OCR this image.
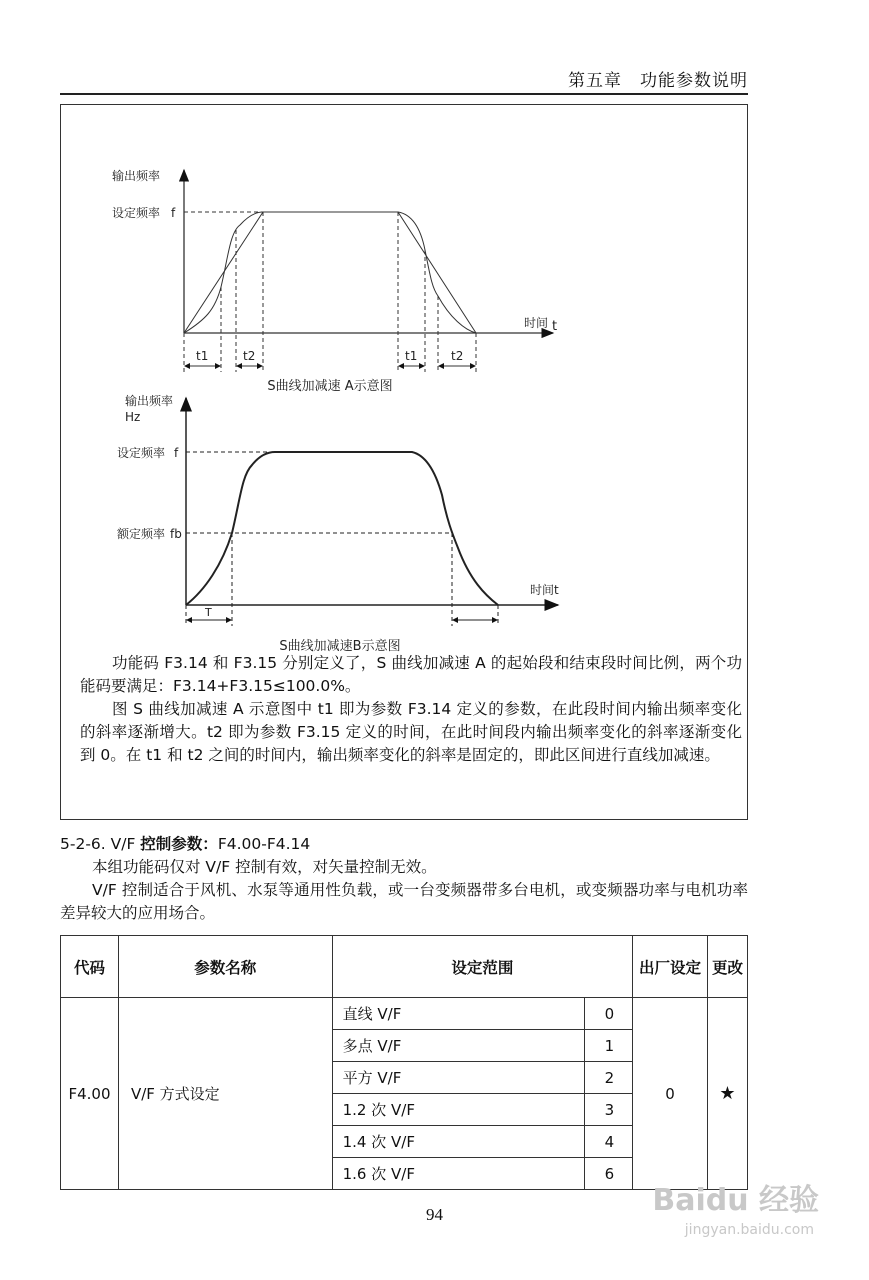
第五章　功能参数说明
输出频率
设定频率 f
时间 t
t1	t2	t1	t2
S曲线加减速 A示意图
输出频率
Hz
设定频率 f
额定频率 fb
时间t
T
S曲线加减速B示意图

功能码 F3.14 和 F3.15 分别定义了，S 曲线加减速 A 的起始段和结束段时间比例，两个功能码要满足：F3.14+F3.15≤100.0%。

图 S 曲线加减速 A 示意图中 t1 即为参数 F3.14 定义的参数，在此段时间内输出频率变化的斜率逐渐增大。t2 即为参数 F3.15 定义的时间，在此时间段内输出频率变化的斜率逐渐变化到 0。在 t1 和 t2 之间的时间内，输出频率变化的斜率是固定的，即此区间进行直线加减速。

5-2-6. V/F 控制参数：F4.00-F4.14

本组功能码仅对 V/F 控制有效，对矢量控制无效。

V/F 控制适合于风机、水泵等通用性负载，或一台变频器带多台电机，或变频器功率与电机功率差异较大的应用场合。

代码	参数名称	设定范围		出厂设定	更改
F4.00	V/F 方式设定	直线 V/F	0	0	★
		多点 V/F	1		
		平方 V/F	2		
		1.2 次 V/F	3		
		1.4 次 V/F	4		
		1.6 次 V/F	6		
94	Baidu 经验
jingyan.baidu.com
